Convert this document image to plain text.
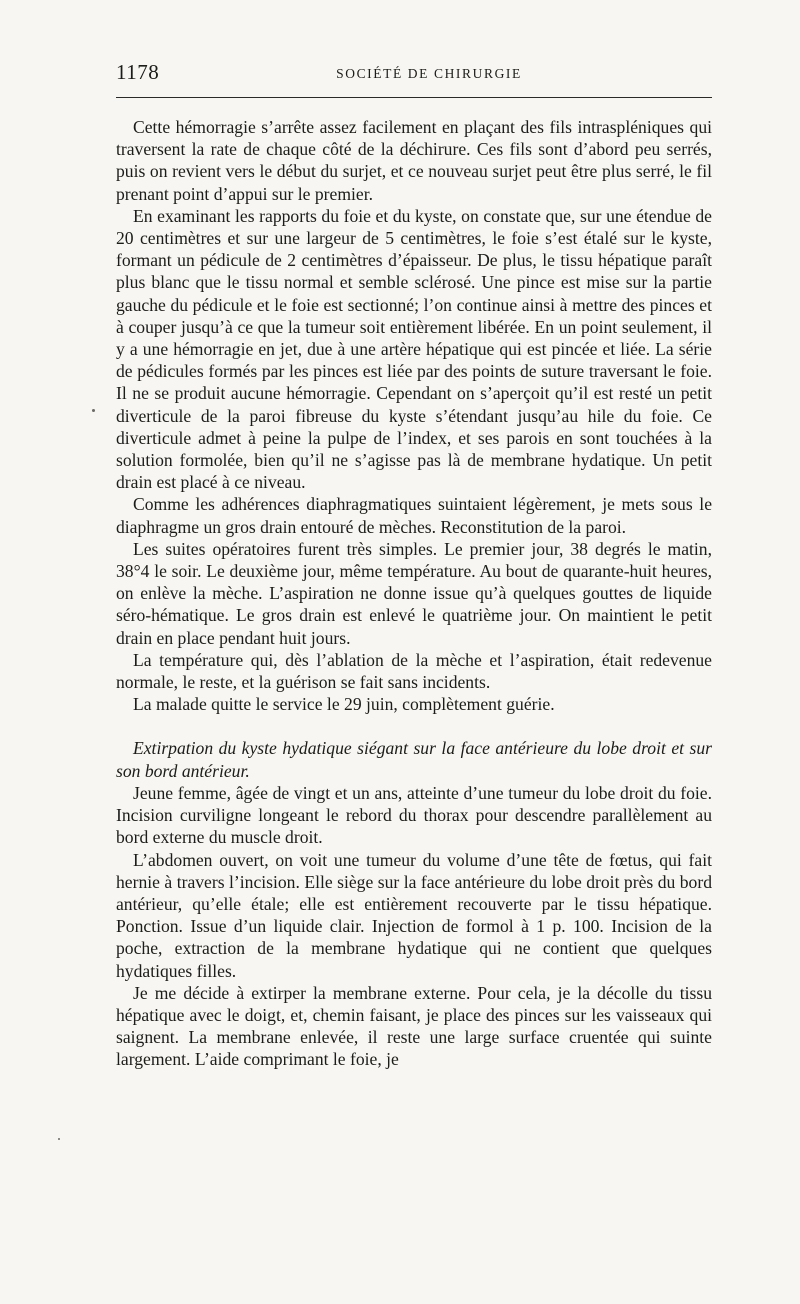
1178	SOCIÉTÉ DE CHIRURGIE

Cette hémorragie s’arrête assez facilement en plaçant des fils intraspléniques qui traversent la rate de chaque côté de la déchirure. Ces fils sont d’abord peu serrés, puis on revient vers le début du surjet, et ce nouveau surjet peut être plus serré, le fil prenant point d’appui sur le premier.

En examinant les rapports du foie et du kyste, on constate que, sur une étendue de 20 centimètres et sur une largeur de 5 centimètres, le foie s’est étalé sur le kyste, formant un pédicule de 2 centimètres d’épaisseur. De plus, le tissu hépatique paraît plus blanc que le tissu normal et semble sclérosé. Une pince est mise sur la partie gauche du pédicule et le foie est sectionné; l’on continue ainsi à mettre des pinces et à couper jusqu’à ce que la tumeur soit entièrement libérée. En un point seulement, il y a une hémorragie en jet, due à une artère hépatique qui est pincée et liée. La série de pédicules formés par les pinces est liée par des points de suture traversant le foie. Il ne se produit aucune hémorragie. Cependant on s’aperçoit qu’il est resté un petit diverticule de la paroi fibreuse du kyste s’étendant jusqu’au hile du foie. Ce diverticule admet à peine la pulpe de l’index, et ses parois en sont touchées à la solution formolée, bien qu’il ne s’agisse pas là de membrane hydatique. Un petit drain est placé à ce niveau.

Comme les adhérences diaphragmatiques suintaient légèrement, je mets sous le diaphragme un gros drain entouré de mèches. Reconstitution de la paroi.

Les suites opératoires furent très simples. Le premier jour, 38 degrés le matin, 38°4 le soir. Le deuxième jour, même température. Au bout de quarante-huit heures, on enlève la mèche. L’aspiration ne donne issue qu’à quelques gouttes de liquide séro-hématique. Le gros drain est enlevé le quatrième jour. On maintient le petit drain en place pendant huit jours.

La température qui, dès l’ablation de la mèche et l’aspiration, était redevenue normale, le reste, et la guérison se fait sans incidents.

La malade quitte le service le 29 juin, complètement guérie.

Extirpation du kyste hydatique siégant sur la face antérieure du lobe droit et sur son bord antérieur.

Jeune femme, âgée de vingt et un ans, atteinte d’une tumeur du lobe droit du foie. Incision curviligne longeant le rebord du thorax pour descendre parallèlement au bord externe du muscle droit.

L’abdomen ouvert, on voit une tumeur du volume d’une tête de fœtus, qui fait hernie à travers l’incision. Elle siège sur la face antérieure du lobe droit près du bord antérieur, qu’elle étale; elle est entièrement recouverte par le tissu hépatique. Ponction. Issue d’un liquide clair. Injection de formol à 1 p. 100. Incision de la poche, extraction de la membrane hydatique qui ne contient que quelques hydatiques filles.

Je me décide à extirper la membrane externe. Pour cela, je la décolle du tissu hépatique avec le doigt, et, chemin faisant, je place des pinces sur les vaisseaux qui saignent. La membrane enlevée, il reste une large surface cruentée qui suinte largement. L’aide comprimant le foie, je
